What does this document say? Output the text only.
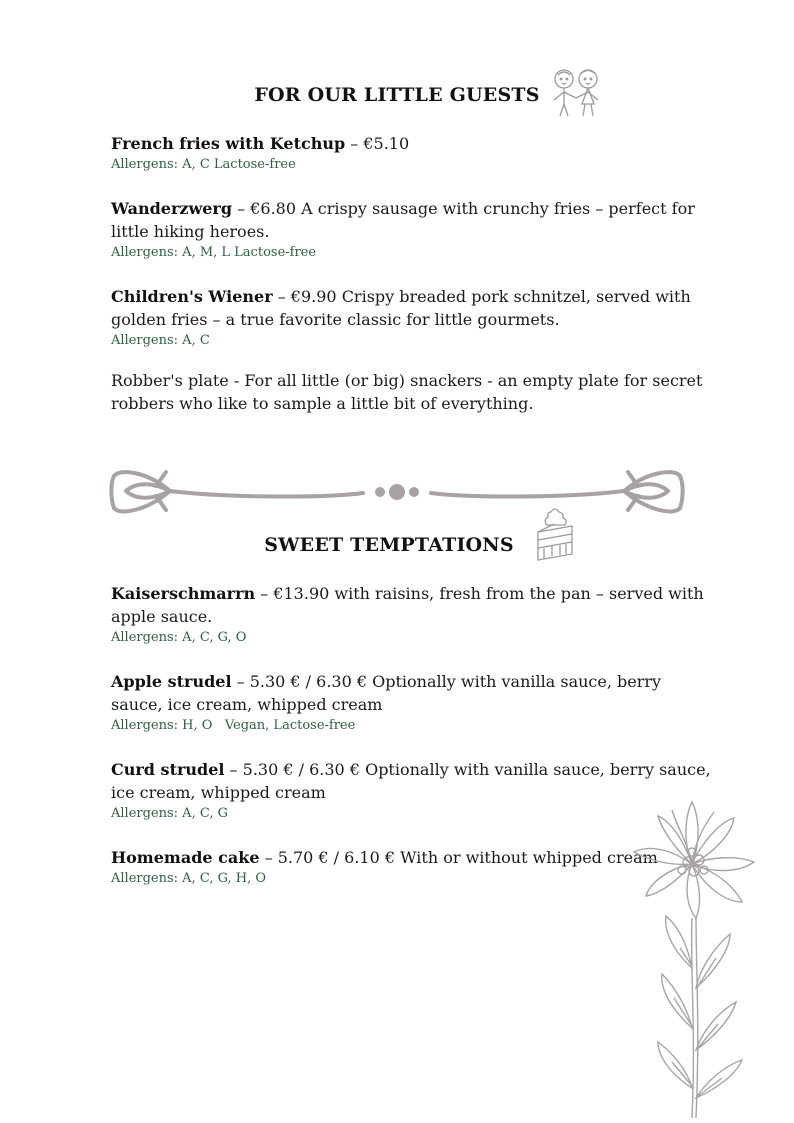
FOR OUR LITTLE GUESTS
French fries with Ketchup – €5.10
Allergens: A, C Lactose-free
Wanderzwerg – €6.80 A crispy sausage with crunchy fries – perfect for little hiking heroes.
Allergens: A, M, L Lactose-free
Children's Wiener – €9.90 Crispy breaded pork schnitzel, served with golden fries – a true favorite classic for little gourmets.
Allergens: A, C
Robber's plate - For all little (or big) snackers - an empty plate for secret robbers who like to sample a little bit of everything.
SWEET TEMPTATIONS
Kaiserschmarrn – €13.90 with raisins, fresh from the pan – served with apple sauce.
Allergens: A, C, G, O
Apple strudel – 5.30 € / 6.30 € Optionally with vanilla sauce, berry sauce, ice cream, whipped cream
Allergens: H, O   Vegan, Lactose-free
Curd strudel – 5.30 € / 6.30 € Optionally with vanilla sauce, berry sauce, ice cream, whipped cream
Allergens: A, C, G
Homemade cake – 5.70 € / 6.10 € With or without whipped cream
Allergens: A, C, G, H, O
